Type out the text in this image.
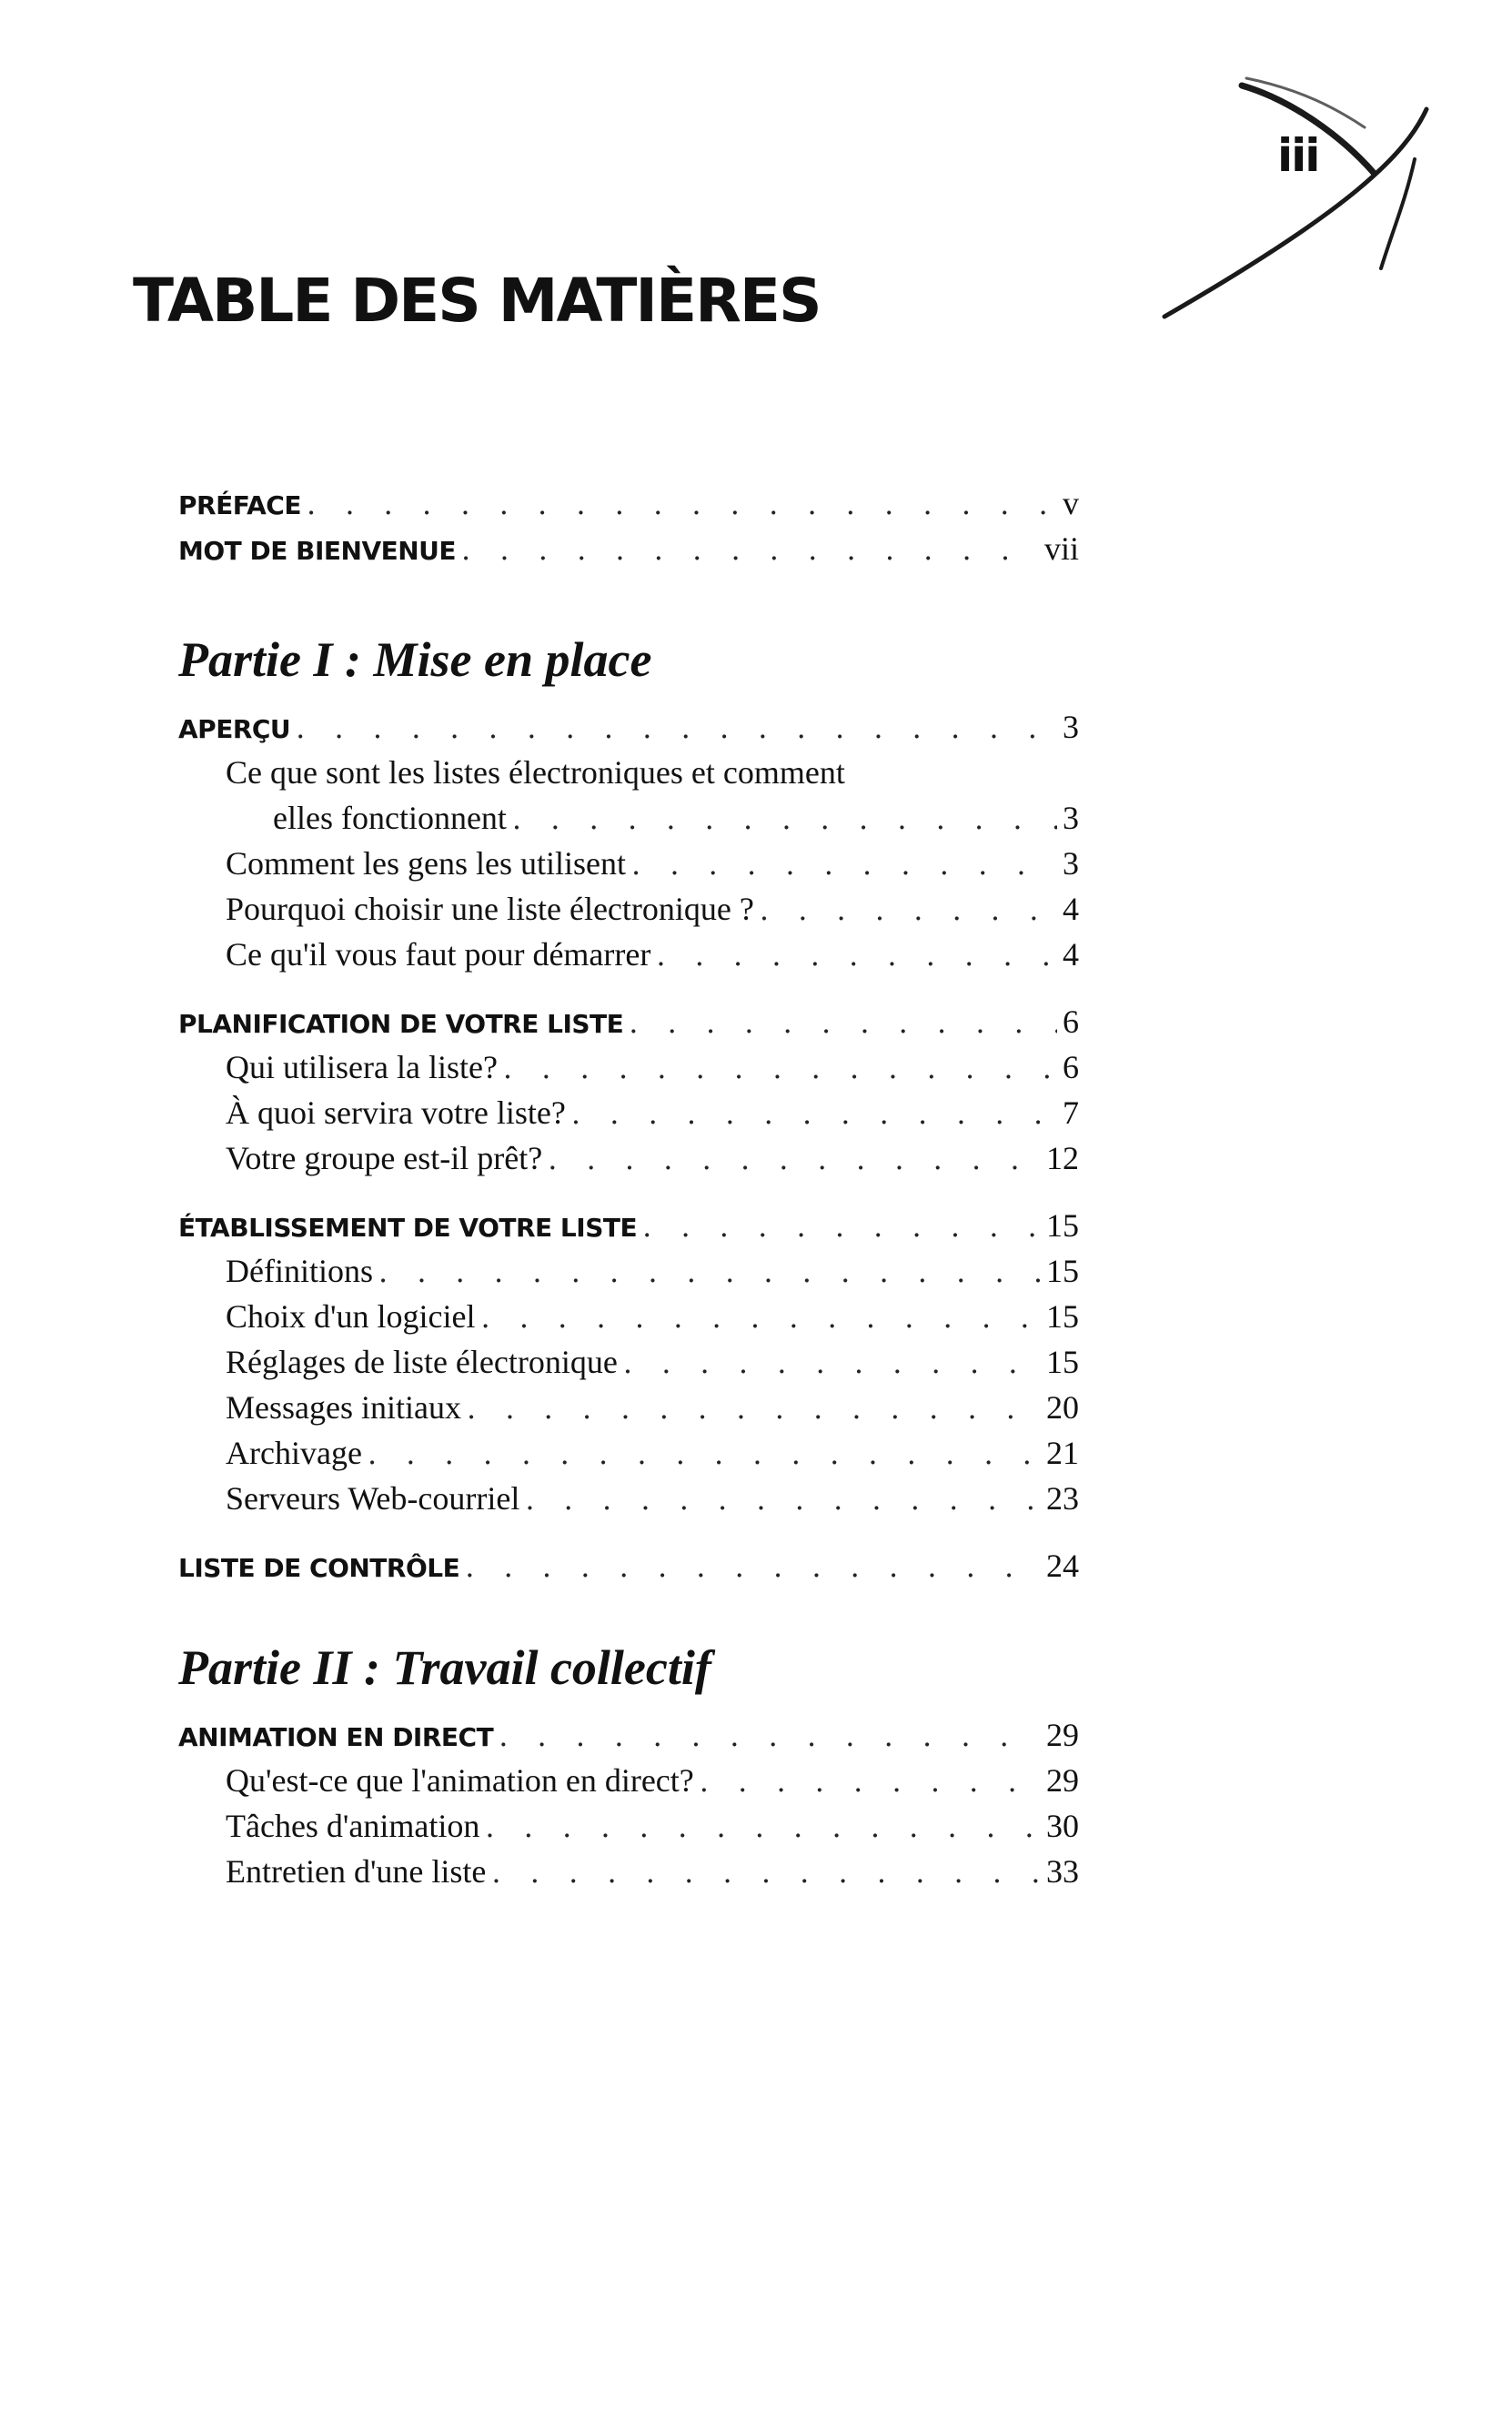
iii
TABLE DES MATIÈRES
PRÉFACE . . .	v
MOT DE BIENVENUE . . .	vii
Partie I : Mise en place
APERÇU . . .	3
Ce que sont les listes électroniques et comment
elles fonctionnent . . .	3
Comment les gens les utilisent . . .	3
Pourquoi choisir une liste électronique ? . . .	4
Ce qu'il vous faut pour démarrer . . .	4
PLANIFICATION DE VOTRE LISTE . . .	6
Qui utilisera la liste? . . .	6
À quoi servira votre liste? . . .	7
Votre groupe est-il prêt? . . .	12
ÉTABLISSEMENT DE VOTRE LISTE . . .	15
Définitions . . .	15
Choix d'un logiciel . . .	15
Réglages de liste électronique . . .	15
Messages initiaux . . .	20
Archivage . . .	21
Serveurs Web-courriel . . .	23
LISTE DE CONTRÔLE . . .	24
Partie II : Travail collectif
ANIMATION EN DIRECT . . .	29
Qu'est-ce que l'animation en direct? . . .	29
Tâches d'animation . . .	30
Entretien d'une liste . . .	33
